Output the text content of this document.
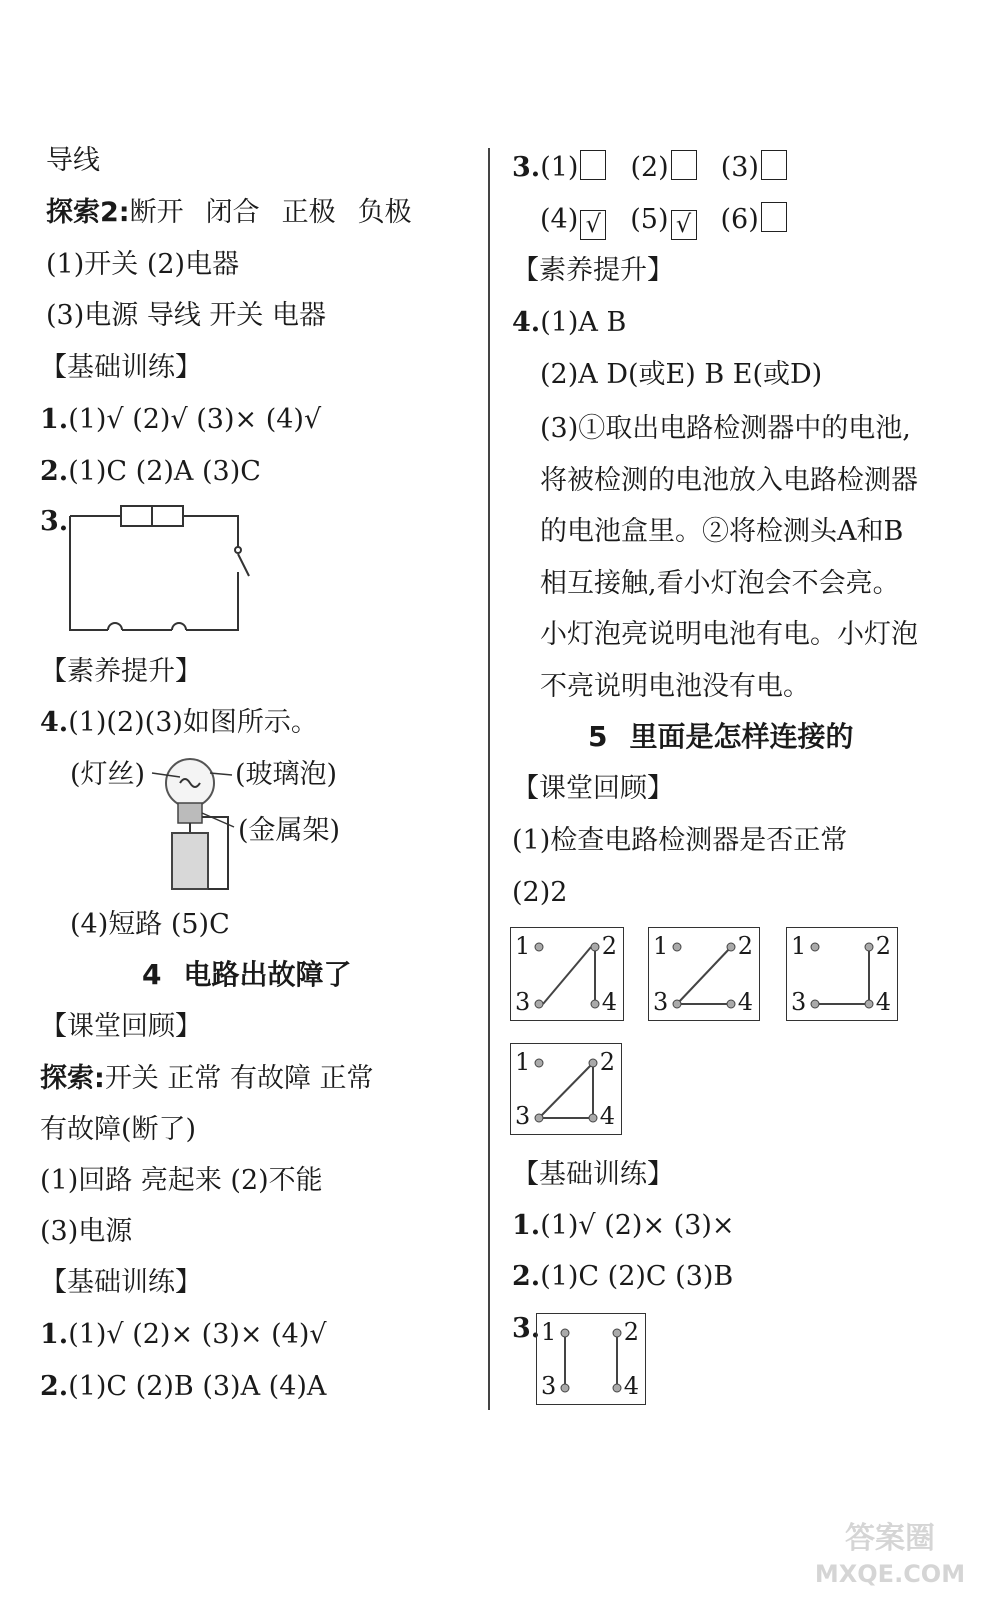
导线
探索2:断开 闭合 正极 负极
(1)开关 (2)电器
(3)电源 导线 开关 电器
【基础训练】
1.(1)√ (2)√ (3)× (4)√
2.(1)C (2)A (3)C
3.
【素养提升】
4.(1)(2)(3)如图所示。
(灯丝)	(玻璃泡)
(金属架)
(4)短路 (5)C
4 电路出故障了
【课堂回顾】
探索:开关 正常 有故障 正常
有故障(断了)
(1)回路 亮起来 (2)不能
(3)电源
【基础训练】
1.(1)√ (2)× (3)× (4)√
2.(1)C (2)B (3)A (4)A
3.(1) (2) (3)
(4) √ (5) √ (6)
【素养提升】
4.(1)A B
(2)A D(或E) B E(或D)
(3)①取出电路检测器中的电池,
将被检测的电池放入电路检测器
的电池盒里。②将检测头A和B
相互接触,看小灯泡会不会亮。
小灯泡亮说明电池有电。小灯泡
不亮说明电池没有电。
5 里面是怎样连接的
【课堂回顾】
(1)检查电路检测器是否正常
(2)2
1	2
3	4
1	2
3	4
1	2
3	4
1	2
3	4
【基础训练】
1.(1)√ (2)× (3)×
2.(1)C (2)C (3)B
3. 1	2
3	4
答案圈
MXQE.COM
